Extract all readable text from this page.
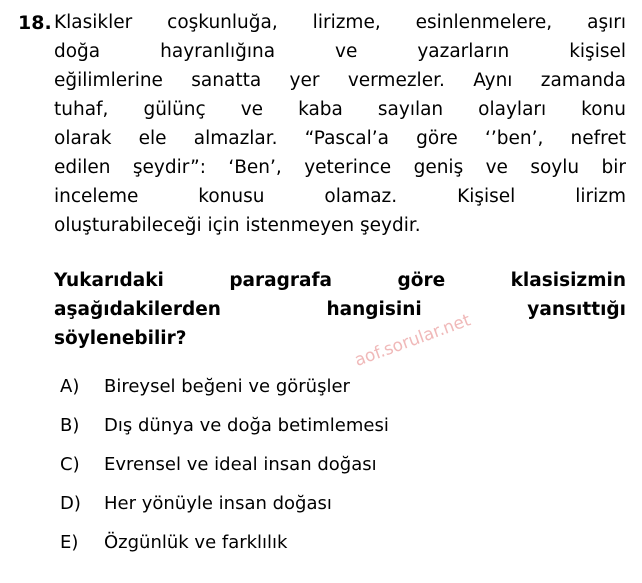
18. Klasikler coşkunluğa, lirizme, esinlenmelere, aşırı
doğa hayranlığına ve yazarların kişisel
eğilimlerine sanatta yer vermezler. Aynı zamanda
tuhaf, gülünç ve kaba sayılan olayları konu
olarak ele almazlar. “Pascal’a göre ‘’ben’, nefret
edilen şeydir”: ‘Ben’, yeterince geniş ve soylu bir
inceleme konusu olamaz. Kişisel lirizm
oluşturabileceği için istenmeyen şeydir.
Yukarıdaki paragrafa göre klasisizmin
aşağıdakilerden hangisini yansıttığı
söylenebilir?
A)	Bireysel beğeni ve görüşler
B)	Dış dünya ve doğa betimlemesi
C)	Evrensel ve ideal insan doğası
D)	Her yönüyle insan doğası
E)	Özgünlük ve farklılık
aof.sorular.net
